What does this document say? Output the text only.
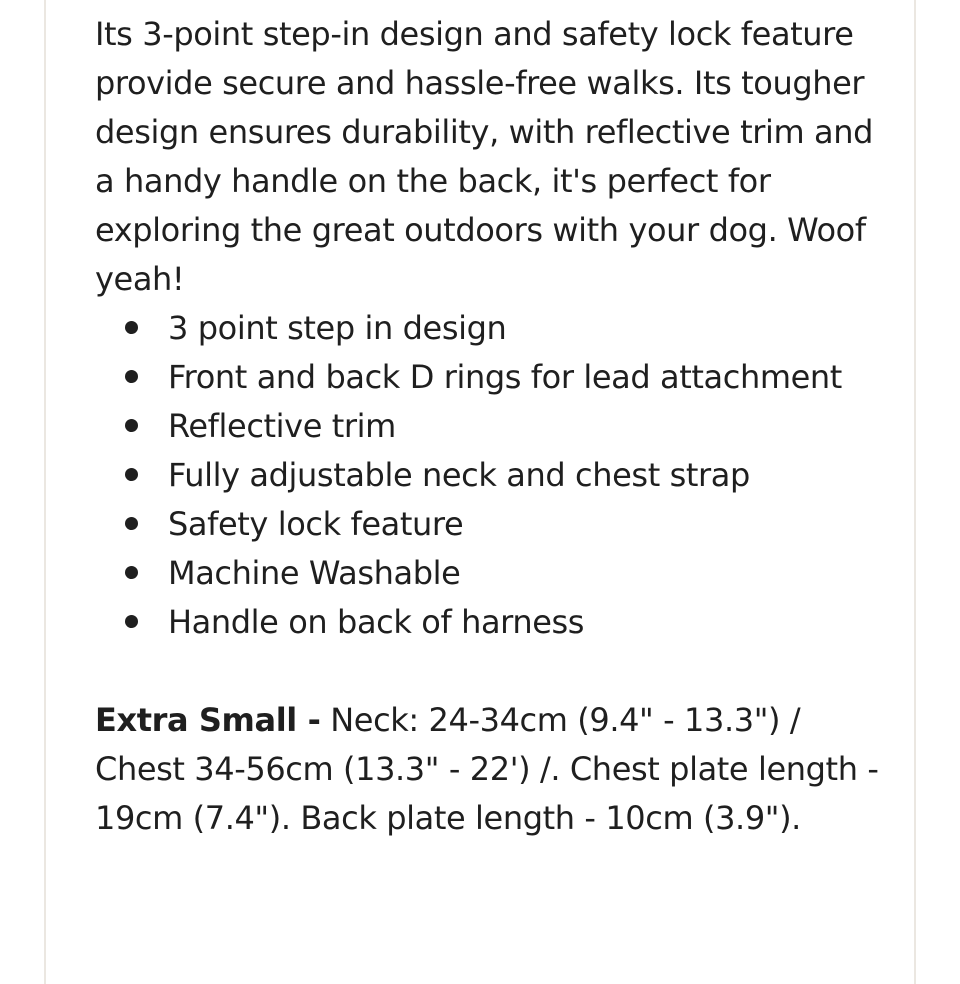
Its 3-point step-in design and safety lock feature provide secure and hassle-free walks. Its tougher design ensures durability, with reflective trim and a handy handle on the back, it's perfect for exploring the great outdoors with your dog. Woof yeah!

3 point step in design
Front and back D rings for lead attachment
Reflective trim
Fully adjustable neck and chest strap
Safety lock feature
Machine Washable
Handle on back of harness

Extra Small - Neck: 24-34cm (9.4" - 13.3") / Chest 34-56cm (13.3" - 22') /. Chest plate length - 19cm (7.4"). Back plate length - 10cm (3.9").
